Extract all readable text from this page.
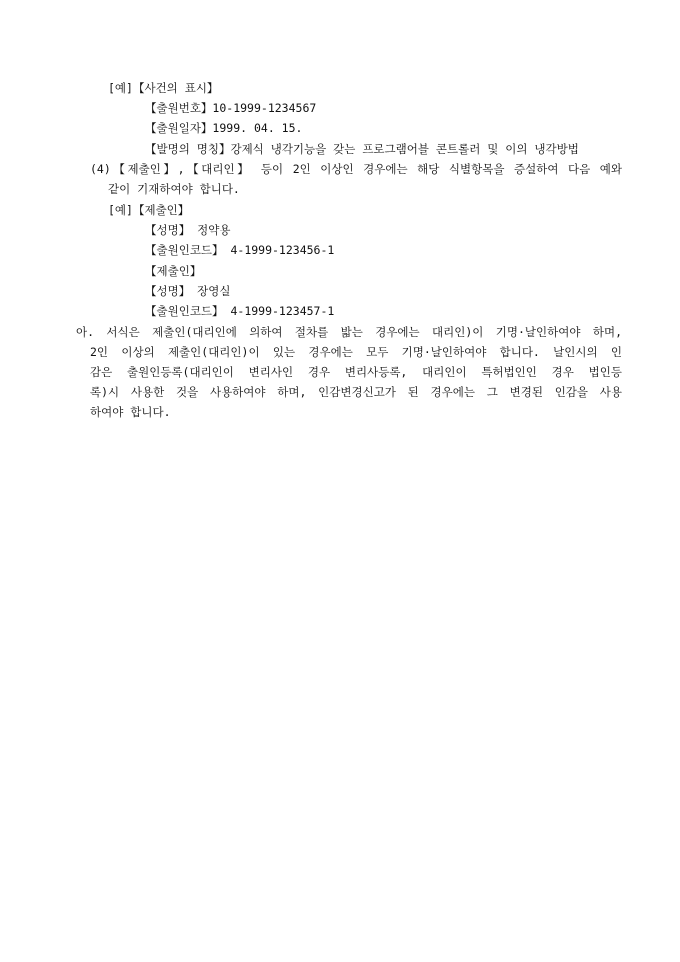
[예]【사건의 표시】
【출원번호】10-1999-1234567
【출원일자】1999. 04. 15.
【발명의 명칭】강제식 냉각기능을 갖는 프로그램어블 콘트롤러 및 이의 냉각방법
(4)【제출인】,【대리인】 등이 2인 이상인 경우에는 해당 식별항목을 증설하여 다음 예와
같이 기재하여야 합니다.
[예]【제출인】
【성명】 정약용
【출원인코드】 4-1999-123456-1
【제출인】
【성명】 장영실
【출원인코드】 4-1999-123457-1
아. 서식은 제출인(대리인에 의하여 절차를 밟는 경우에는 대리인)이 기명·날인하여야 하며,
2인 이상의 제출인(대리인)이 있는 경우에는 모두 기명·날인하여야 합니다. 날인시의 인
감은 출원인등록(대리인이 변리사인 경우 변리사등록, 대리인이 특허법인인 경우 법인등
록)시 사용한 것을 사용하여야 하며, 인감변경신고가 된 경우에는 그 변경된 인감을 사용
하여야 합니다.
